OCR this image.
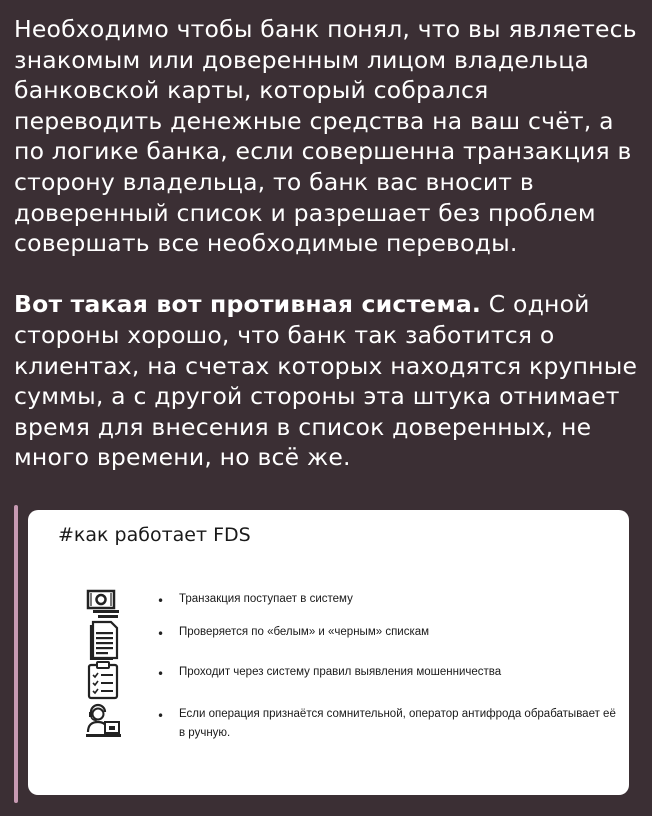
Необходимо чтобы банк понял, что вы являетесь знакомым или доверенным лицом владельца банковской карты, который собрался переводить денежные средства на ваш счёт, а по логике банка, если совершенна транзакция в сторону владельца, то банк вас вносит в доверенный список и разрешает без проблем совершать все необходимые переводы.

Вот такая вот противная система. С одной стороны хорошо, что банк так заботится о клиентах, на счетах которых находятся крупные суммы, а с другой стороны эта штука отнимает время для внесения в список доверенных, не много времени, но всё же.

#как работает FDS
• Транзакция поступает в систему
• Проверяется по «белым» и «черным» спискам
• Проходит через систему правил выявления мошенничества
• Если операция признаётся сомнительной, оператор антифрода обрабатывает её в ручную.
